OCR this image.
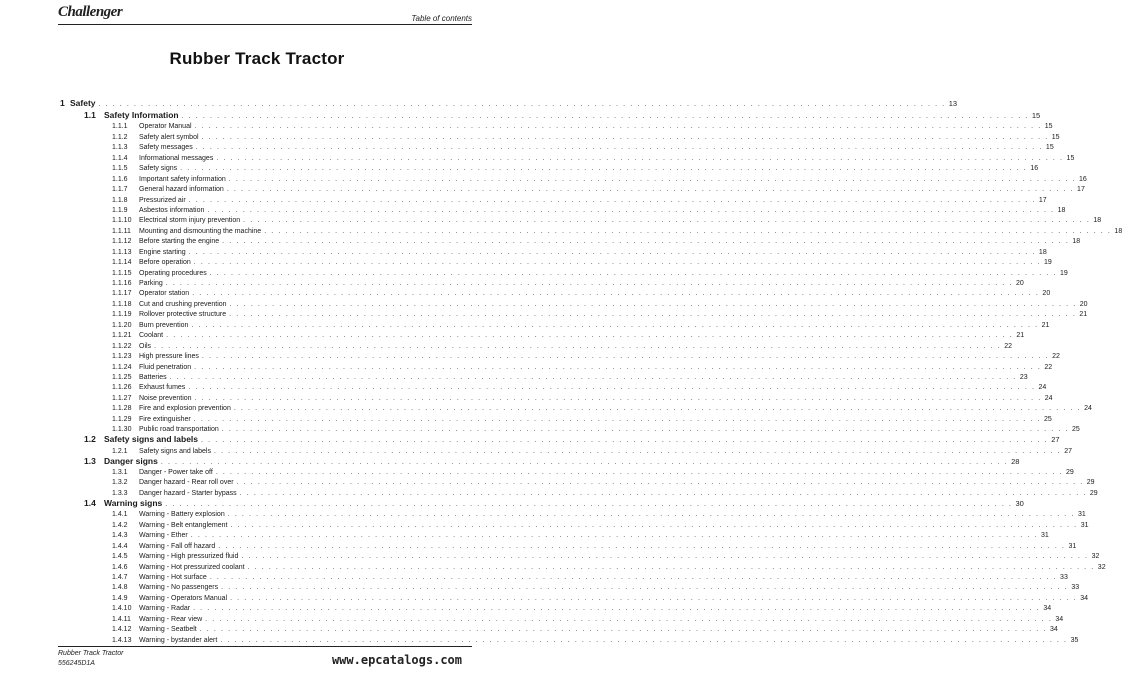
Challenger	Table of contents
Rubber Track Tractor
1 Safety . . . . . . . . . . . . . . . . . . . . . . . . . . . . . . . . . . . . . . . . . . . . . . . . . . . . . . . . . . . . . . . . . . . . . . . . . . . . . . . . . . . . . . . . . . . . . . . . . . . . . . . . . . . . . . . . . . . . . . . . 13
1.1 Safety Information . . . . . . . . . . . . . . . . . . . . . . . . . . . . . . . . . . . . . . . . . . . . . . . . . . . . . . . . . . . . . . . . . . . . . . . . . . . . . . . . . . . . . . . . . . . . . . . . . . . . . . . . . . . . . . . . . . . . . . . . 15
1.1.1	Operator Manual . . . . . . . . . . . . . . . . . . . . . . . . . . . . . . . . . . . . . . . . . . . . . . . . . . . . . . . . . . . . . . . . . . . . . . . . . . . . . . . . . . . . . . . . . . . . . . . . . . . . . . . . . . . . . . . . . . . . . . . . 15
1.1.2	Safety alert symbol . . . . . . . . . . . . . . . . . . . . . . . . . . . . . . . . . . . . . . . . . . . . . . . . . . . . . . . . . . . . . . . . . . . . . . . . . . . . . . . . . . . . . . . . . . . . . . . . . . . . . . . . . . . . . . . . . . . . . . . . 15
1.1.3	Safety messages . . . . . . . . . . . . . . . . . . . . . . . . . . . . . . . . . . . . . . . . . . . . . . . . . . . . . . . . . . . . . . . . . . . . . . . . . . . . . . . . . . . . . . . . . . . . . . . . . . . . . . . . . . . . . . . . . . . . . . . . 15
1.1.4	Informational messages . . . . . . . . . . . . . . . . . . . . . . . . . . . . . . . . . . . . . . . . . . . . . . . . . . . . . . . . . . . . . . . . . . . . . . . . . . . . . . . . . . . . . . . . . . . . . . . . . . . . . . . . . . . . . . . . . . . . . . . . 15
1.1.5	Safety signs . . . . . . . . . . . . . . . . . . . . . . . . . . . . . . . . . . . . . . . . . . . . . . . . . . . . . . . . . . . . . . . . . . . . . . . . . . . . . . . . . . . . . . . . . . . . . . . . . . . . . . . . . . . . . . . . . . . . . . . . 16
1.1.6	Important safety information . . . . . . . . . . . . . . . . . . . . . . . . . . . . . . . . . . . . . . . . . . . . . . . . . . . . . . . . . . . . . . . . . . . . . . . . . . . . . . . . . . . . . . . . . . . . . . . . . . . . . . . . . . . . . . . . . . . . . . . . 16
1.1.7	General hazard information . . . . . . . . . . . . . . . . . . . . . . . . . . . . . . . . . . . . . . . . . . . . . . . . . . . . . . . . . . . . . . . . . . . . . . . . . . . . . . . . . . . . . . . . . . . . . . . . . . . . . . . . . . . . . . . . . . . . . . . . 17
1.1.8	Pressurized air . . . . . . . . . . . . . . . . . . . . . . . . . . . . . . . . . . . . . . . . . . . . . . . . . . . . . . . . . . . . . . . . . . . . . . . . . . . . . . . . . . . . . . . . . . . . . . . . . . . . . . . . . . . . . . . . . . . . . . . . 17
1.1.9	Asbestos information . . . . . . . . . . . . . . . . . . . . . . . . . . . . . . . . . . . . . . . . . . . . . . . . . . . . . . . . . . . . . . . . . . . . . . . . . . . . . . . . . . . . . . . . . . . . . . . . . . . . . . . . . . . . . . . . . . . . . . . . 18
1.1.10	Electrical storm injury prevention . . . . . . . . . . . . . . . . . . . . . . . . . . . . . . . . . . . . . . . . . . . . . . . . . . . . . . . . . . . . . . . . . . . . . . . . . . . . . . . . . . . . . . . . . . . . . . . . . . . . . . . . . . . . . . . . . . . . . . . . 18
1.1.11	Mounting and dismounting the machine . . . . . . . . . . . . . . . . . . . . . . . . . . . . . . . . . . . . . . . . . . . . . . . . . . . . . . . . . . . . . . . . . . . . . . . . . . . . . . . . . . . . . . . . . . . . . . . . . . . . . . . . . . . . . . . . . . . . . . . . 18
1.1.12	Before starting the engine . . . . . . . . . . . . . . . . . . . . . . . . . . . . . . . . . . . . . . . . . . . . . . . . . . . . . . . . . . . . . . . . . . . . . . . . . . . . . . . . . . . . . . . . . . . . . . . . . . . . . . . . . . . . . . . . . . . . . . . . 18
1.1.13	Engine starting . . . . . . . . . . . . . . . . . . . . . . . . . . . . . . . . . . . . . . . . . . . . . . . . . . . . . . . . . . . . . . . . . . . . . . . . . . . . . . . . . . . . . . . . . . . . . . . . . . . . . . . . . . . . . . . . . . . . . . . . 18
1.1.14	Before operation . . . . . . . . . . . . . . . . . . . . . . . . . . . . . . . . . . . . . . . . . . . . . . . . . . . . . . . . . . . . . . . . . . . . . . . . . . . . . . . . . . . . . . . . . . . . . . . . . . . . . . . . . . . . . . . . . . . . . . . . 19
1.1.15	Operating procedures . . . . . . . . . . . . . . . . . . . . . . . . . . . . . . . . . . . . . . . . . . . . . . . . . . . . . . . . . . . . . . . . . . . . . . . . . . . . . . . . . . . . . . . . . . . . . . . . . . . . . . . . . . . . . . . . . . . . . . . . 19
1.1.16	Parking . . . . . . . . . . . . . . . . . . . . . . . . . . . . . . . . . . . . . . . . . . . . . . . . . . . . . . . . . . . . . . . . . . . . . . . . . . . . . . . . . . . . . . . . . . . . . . . . . . . . . . . . . . . . . . . . . . . . . . . . 20
1.1.17	Operator station . . . . . . . . . . . . . . . . . . . . . . . . . . . . . . . . . . . . . . . . . . . . . . . . . . . . . . . . . . . . . . . . . . . . . . . . . . . . . . . . . . . . . . . . . . . . . . . . . . . . . . . . . . . . . . . . . . . . . . . . 20
1.1.18	Cut and crushing prevention . . . . . . . . . . . . . . . . . . . . . . . . . . . . . . . . . . . . . . . . . . . . . . . . . . . . . . . . . . . . . . . . . . . . . . . . . . . . . . . . . . . . . . . . . . . . . . . . . . . . . . . . . . . . . . . . . . . . . . . . 20
1.1.19	Rollover protective structure . . . . . . . . . . . . . . . . . . . . . . . . . . . . . . . . . . . . . . . . . . . . . . . . . . . . . . . . . . . . . . . . . . . . . . . . . . . . . . . . . . . . . . . . . . . . . . . . . . . . . . . . . . . . . . . . . . . . . . . . 21
1.1.20	Burn prevention . . . . . . . . . . . . . . . . . . . . . . . . . . . . . . . . . . . . . . . . . . . . . . . . . . . . . . . . . . . . . . . . . . . . . . . . . . . . . . . . . . . . . . . . . . . . . . . . . . . . . . . . . . . . . . . . . . . . . . . . 21
1.1.21	Coolant . . . . . . . . . . . . . . . . . . . . . . . . . . . . . . . . . . . . . . . . . . . . . . . . . . . . . . . . . . . . . . . . . . . . . . . . . . . . . . . . . . . . . . . . . . . . . . . . . . . . . . . . . . . . . . . . . . . . . . . . 21
1.1.22	Oils . . . . . . . . . . . . . . . . . . . . . . . . . . . . . . . . . . . . . . . . . . . . . . . . . . . . . . . . . . . . . . . . . . . . . . . . . . . . . . . . . . . . . . . . . . . . . . . . . . . . . . . . . . . . . . . . . . . . . . . . 22
1.1.23	High pressure lines . . . . . . . . . . . . . . . . . . . . . . . . . . . . . . . . . . . . . . . . . . . . . . . . . . . . . . . . . . . . . . . . . . . . . . . . . . . . . . . . . . . . . . . . . . . . . . . . . . . . . . . . . . . . . . . . . . . . . . . . 22
1.1.24	Fluid penetration . . . . . . . . . . . . . . . . . . . . . . . . . . . . . . . . . . . . . . . . . . . . . . . . . . . . . . . . . . . . . . . . . . . . . . . . . . . . . . . . . . . . . . . . . . . . . . . . . . . . . . . . . . . . . . . . . . . . . . . . 22
1.1.25	Batteries . . . . . . . . . . . . . . . . . . . . . . . . . . . . . . . . . . . . . . . . . . . . . . . . . . . . . . . . . . . . . . . . . . . . . . . . . . . . . . . . . . . . . . . . . . . . . . . . . . . . . . . . . . . . . . . . . . . . . . . . 23
1.1.26	Exhaust fumes . . . . . . . . . . . . . . . . . . . . . . . . . . . . . . . . . . . . . . . . . . . . . . . . . . . . . . . . . . . . . . . . . . . . . . . . . . . . . . . . . . . . . . . . . . . . . . . . . . . . . . . . . . . . . . . . . . . . . . . . 24
1.1.27	Noise prevention . . . . . . . . . . . . . . . . . . . . . . . . . . . . . . . . . . . . . . . . . . . . . . . . . . . . . . . . . . . . . . . . . . . . . . . . . . . . . . . . . . . . . . . . . . . . . . . . . . . . . . . . . . . . . . . . . . . . . . . . 24
1.1.28	Fire and explosion prevention . . . . . . . . . . . . . . . . . . . . . . . . . . . . . . . . . . . . . . . . . . . . . . . . . . . . . . . . . . . . . . . . . . . . . . . . . . . . . . . . . . . . . . . . . . . . . . . . . . . . . . . . . . . . . . . . . . . . . . . . 24
1.1.29	Fire extinguisher . . . . . . . . . . . . . . . . . . . . . . . . . . . . . . . . . . . . . . . . . . . . . . . . . . . . . . . . . . . . . . . . . . . . . . . . . . . . . . . . . . . . . . . . . . . . . . . . . . . . . . . . . . . . . . . . . . . . . . . . 25
1.1.30	Public road transportation . . . . . . . . . . . . . . . . . . . . . . . . . . . . . . . . . . . . . . . . . . . . . . . . . . . . . . . . . . . . . . . . . . . . . . . . . . . . . . . . . . . . . . . . . . . . . . . . . . . . . . . . . . . . . . . . . . . . . . . . 25
1.2 Safety signs and labels . . . . . . . . . . . . . . . . . . . . . . . . . . . . . . . . . . . . . . . . . . . . . . . . . . . . . . . . . . . . . . . . . . . . . . . . . . . . . . . . . . . . . . . . . . . . . . . . . . . . . . . . . . . . . . . . . . . . . . . . 27
1.2.1	Safety signs and labels . . . . . . . . . . . . . . . . . . . . . . . . . . . . . . . . . . . . . . . . . . . . . . . . . . . . . . . . . . . . . . . . . . . . . . . . . . . . . . . . . . . . . . . . . . . . . . . . . . . . . . . . . . . . . . . . . . . . . . . . 27
1.3 Danger signs . . . . . . . . . . . . . . . . . . . . . . . . . . . . . . . . . . . . . . . . . . . . . . . . . . . . . . . . . . . . . . . . . . . . . . . . . . . . . . . . . . . . . . . . . . . . . . . . . . . . . . . . . . . . . . . . . . . . . . . . 28
1.3.1	Danger - Power take off . . . . . . . . . . . . . . . . . . . . . . . . . . . . . . . . . . . . . . . . . . . . . . . . . . . . . . . . . . . . . . . . . . . . . . . . . . . . . . . . . . . . . . . . . . . . . . . . . . . . . . . . . . . . . . . . . . . . . . . . 29
1.3.2	Danger hazard - Rear roll over . . . . . . . . . . . . . . . . . . . . . . . . . . . . . . . . . . . . . . . . . . . . . . . . . . . . . . . . . . . . . . . . . . . . . . . . . . . . . . . . . . . . . . . . . . . . . . . . . . . . . . . . . . . . . . . . . . . . . . . . 29
1.3.3	Danger hazard - Starter bypass . . . . . . . . . . . . . . . . . . . . . . . . . . . . . . . . . . . . . . . . . . . . . . . . . . . . . . . . . . . . . . . . . . . . . . . . . . . . . . . . . . . . . . . . . . . . . . . . . . . . . . . . . . . . . . . . . . . . . . . . 29
1.4 Warning signs . . . . . . . . . . . . . . . . . . . . . . . . . . . . . . . . . . . . . . . . . . . . . . . . . . . . . . . . . . . . . . . . . . . . . . . . . . . . . . . . . . . . . . . . . . . . . . . . . . . . . . . . . . . . . . . . . . . . . . . . 30
1.4.1	Warning - Battery explosion . . . . . . . . . . . . . . . . . . . . . . . . . . . . . . . . . . . . . . . . . . . . . . . . . . . . . . . . . . . . . . . . . . . . . . . . . . . . . . . . . . . . . . . . . . . . . . . . . . . . . . . . . . . . . . . . . . . . . . . . 31
1.4.2	Warning - Belt entanglement . . . . . . . . . . . . . . . . . . . . . . . . . . . . . . . . . . . . . . . . . . . . . . . . . . . . . . . . . . . . . . . . . . . . . . . . . . . . . . . . . . . . . . . . . . . . . . . . . . . . . . . . . . . . . . . . . . . . . . . . 31
1.4.3	Warning - Ether . . . . . . . . . . . . . . . . . . . . . . . . . . . . . . . . . . . . . . . . . . . . . . . . . . . . . . . . . . . . . . . . . . . . . . . . . . . . . . . . . . . . . . . . . . . . . . . . . . . . . . . . . . . . . . . . . . . . . . . . 31
1.4.4	Warning - Fall off hazard . . . . . . . . . . . . . . . . . . . . . . . . . . . . . . . . . . . . . . . . . . . . . . . . . . . . . . . . . . . . . . . . . . . . . . . . . . . . . . . . . . . . . . . . . . . . . . . . . . . . . . . . . . . . . . . . . . . . . . . . 31
1.4.5	Warning - High pressurized fluid . . . . . . . . . . . . . . . . . . . . . . . . . . . . . . . . . . . . . . . . . . . . . . . . . . . . . . . . . . . . . . . . . . . . . . . . . . . . . . . . . . . . . . . . . . . . . . . . . . . . . . . . . . . . . . . . . . . . . . . . 32
1.4.6	Warning - Hot pressurized coolant . . . . . . . . . . . . . . . . . . . . . . . . . . . . . . . . . . . . . . . . . . . . . . . . . . . . . . . . . . . . . . . . . . . . . . . . . . . . . . . . . . . . . . . . . . . . . . . . . . . . . . . . . . . . . . . . . . . . . . . . 32
1.4.7	Warning - Hot surface . . . . . . . . . . . . . . . . . . . . . . . . . . . . . . . . . . . . . . . . . . . . . . . . . . . . . . . . . . . . . . . . . . . . . . . . . . . . . . . . . . . . . . . . . . . . . . . . . . . . . . . . . . . . . . . . . . . . . . . . 33
1.4.8	Warning - No passengers . . . . . . . . . . . . . . . . . . . . . . . . . . . . . . . . . . . . . . . . . . . . . . . . . . . . . . . . . . . . . . . . . . . . . . . . . . . . . . . . . . . . . . . . . . . . . . . . . . . . . . . . . . . . . . . . . . . . . . . . 33
1.4.9	Warning - Operators Manual . . . . . . . . . . . . . . . . . . . . . . . . . . . . . . . . . . . . . . . . . . . . . . . . . . . . . . . . . . . . . . . . . . . . . . . . . . . . . . . . . . . . . . . . . . . . . . . . . . . . . . . . . . . . . . . . . . . . . . . . 34
1.4.10	Warning - Radar . . . . . . . . . . . . . . . . . . . . . . . . . . . . . . . . . . . . . . . . . . . . . . . . . . . . . . . . . . . . . . . . . . . . . . . . . . . . . . . . . . . . . . . . . . . . . . . . . . . . . . . . . . . . . . . . . . . . . . . . 34
1.4.11	Warning - Rear view . . . . . . . . . . . . . . . . . . . . . . . . . . . . . . . . . . . . . . . . . . . . . . . . . . . . . . . . . . . . . . . . . . . . . . . . . . . . . . . . . . . . . . . . . . . . . . . . . . . . . . . . . . . . . . . . . . . . . . . . 34
1.4.12	Warning - Seatbelt . . . . . . . . . . . . . . . . . . . . . . . . . . . . . . . . . . . . . . . . . . . . . . . . . . . . . . . . . . . . . . . . . . . . . . . . . . . . . . . . . . . . . . . . . . . . . . . . . . . . . . . . . . . . . . . . . . . . . . . . 34
1.4.13	Warning - bystander alert . . . . . . . . . . . . . . . . . . . . . . . . . . . . . . . . . . . . . . . . . . . . . . . . . . . . . . . . . . . . . . . . . . . . . . . . . . . . . . . . . . . . . . . . . . . . . . . . . . . . . . . . . . . . . . . . . . . . . . . . 35
Rubber Track Tractor
556245D1A	www.epcatalogs.com
